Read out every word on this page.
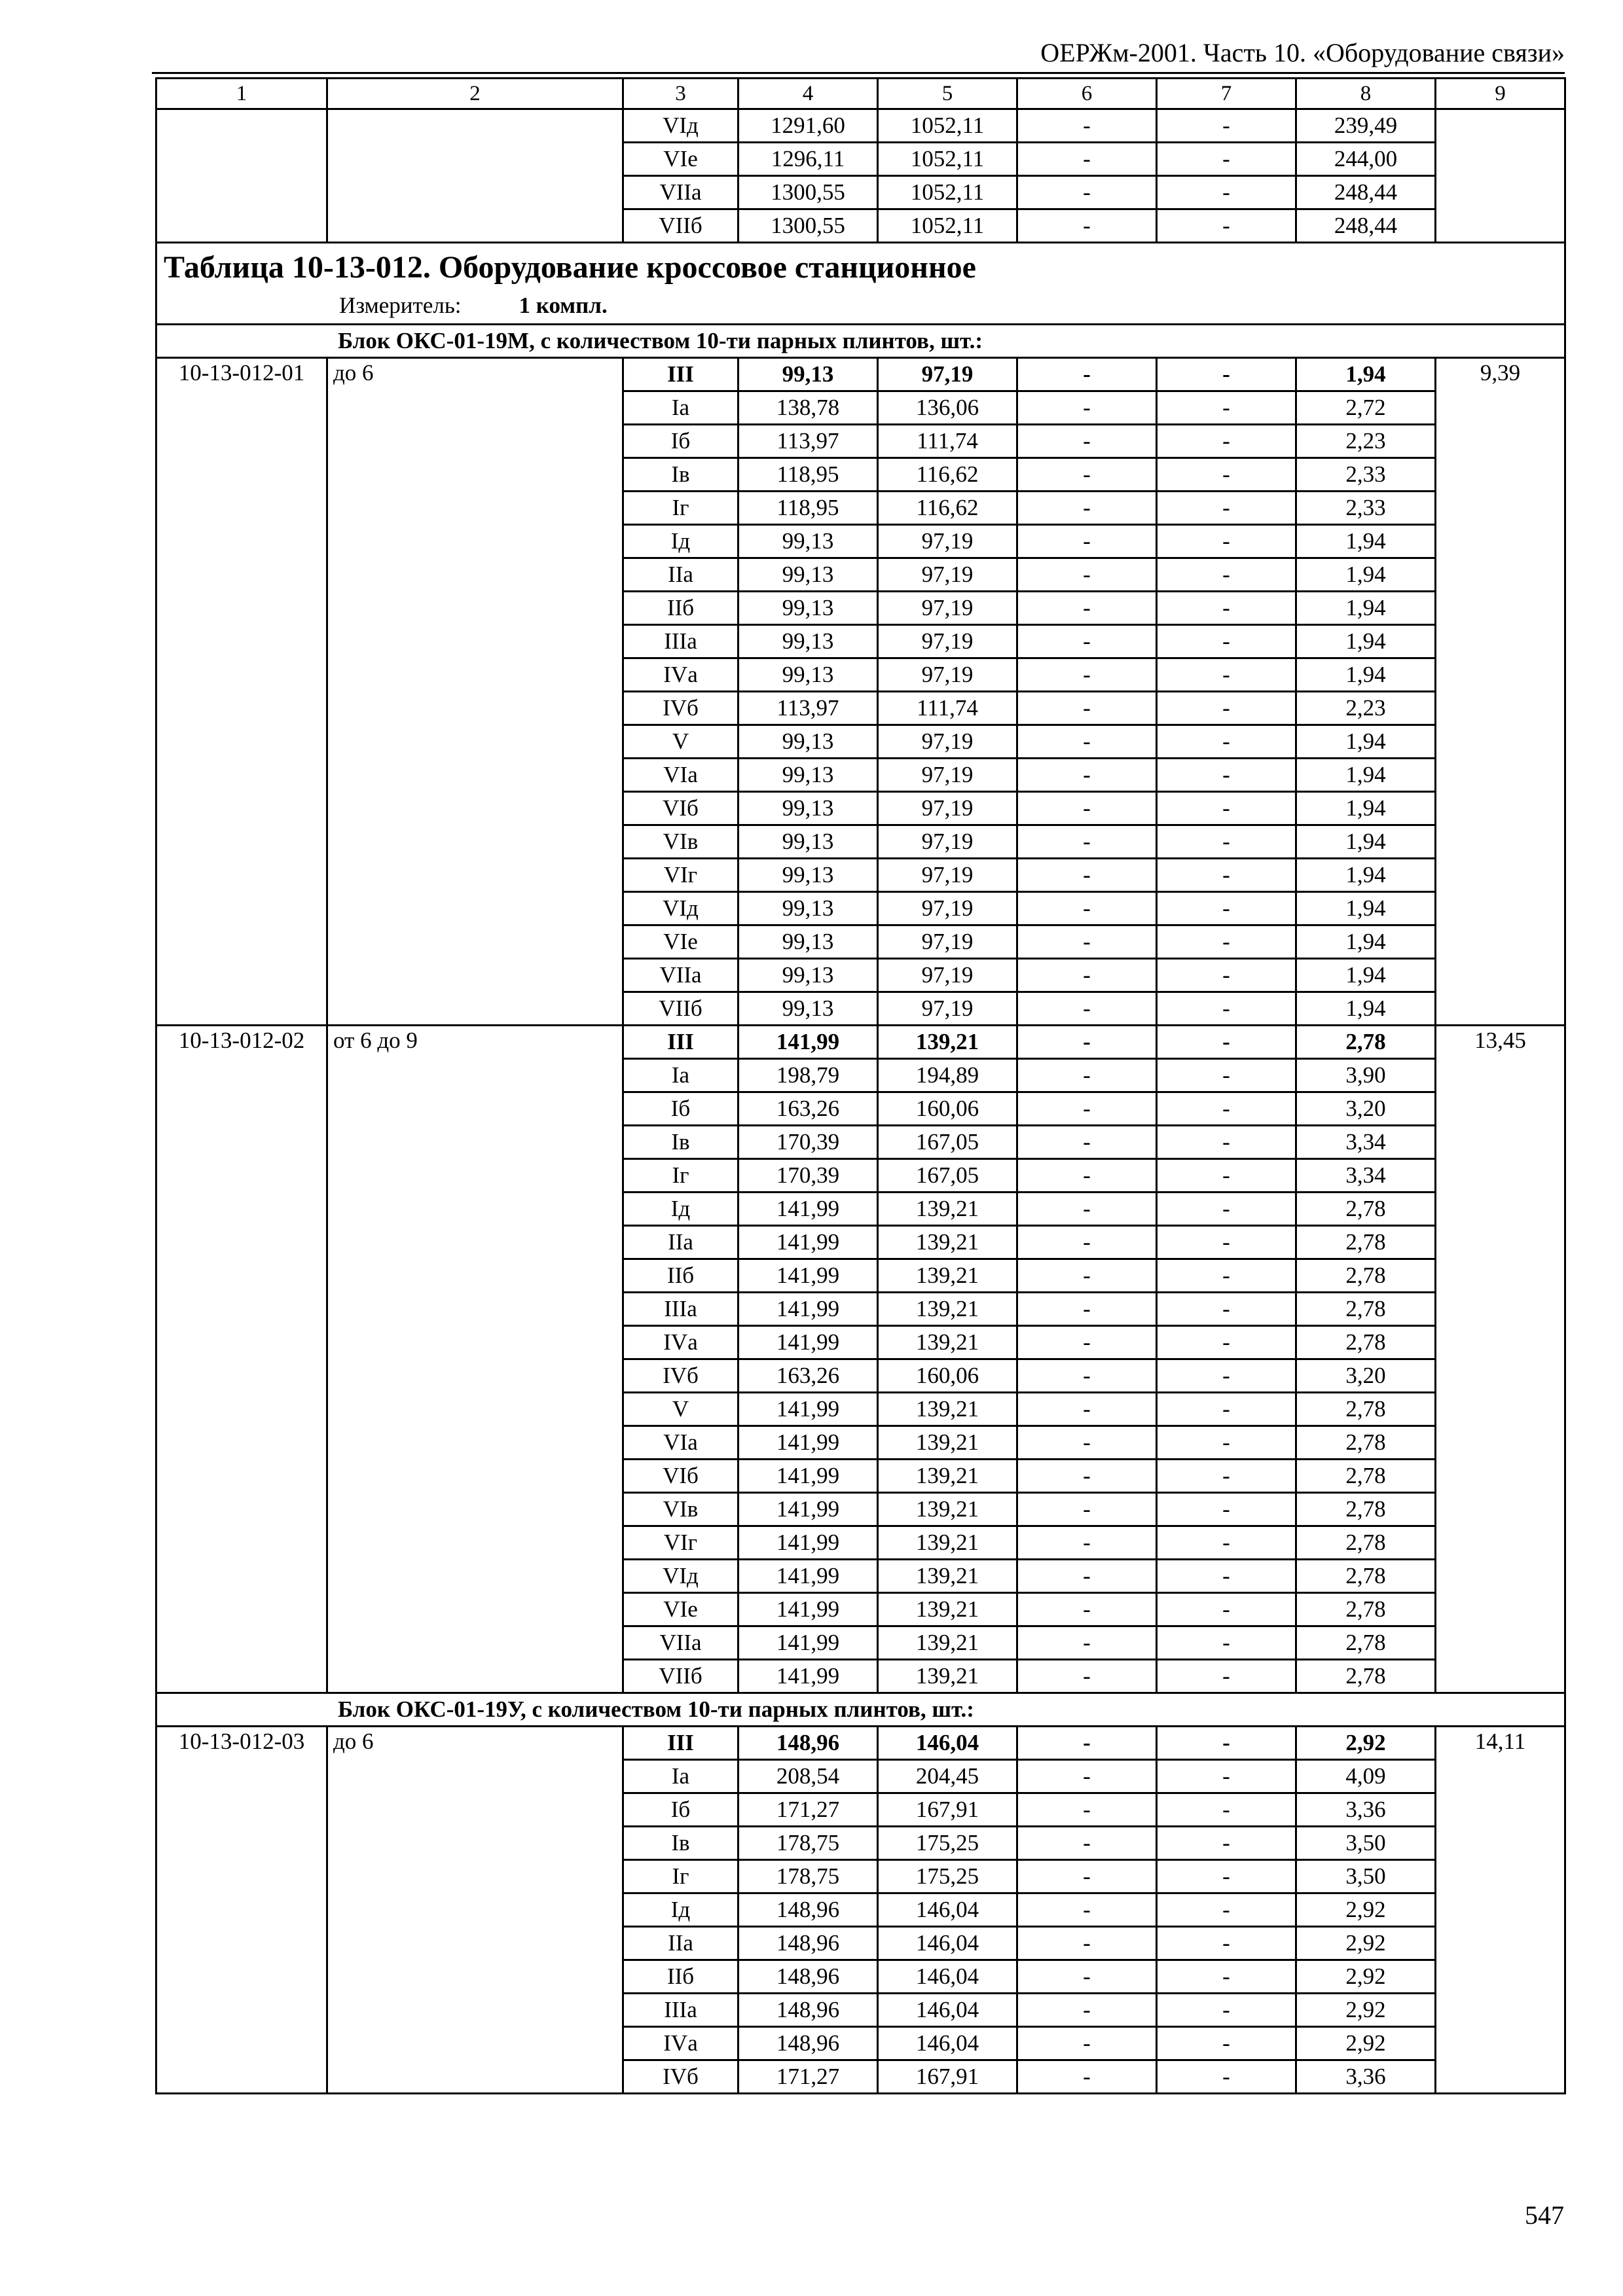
ОЕРЖм-2001. Часть 10. «Оборудование связи»
1	2	3	4	5	6	7	8	9
		VIд	1291,60	1052,11	-	-	239,49	
		VIе	1296,11	1052,11	-	-	244,00	
		VIIа	1300,55	1052,11	-	-	248,44	
		VIIб	1300,55	1052,11	-	-	248,44	
Таблица 10-13-012. Оборудование кроссовое станционное								

Измеритель: 1 компл.								

Блок ОКС-01-19М, с количеством 10-ти парных плинтов, шт.:								
10-13-012-01	до 6	III	99,13	97,19	-	-	1,94	9,39
		Iа	138,78	136,06	-	-	2,72	
		Iб	113,97	111,74	-	-	2,23	
		Iв	118,95	116,62	-	-	2,33	
		Iг	118,95	116,62	-	-	2,33	
		Iд	99,13	97,19	-	-	1,94	
		IIа	99,13	97,19	-	-	1,94	
		IIб	99,13	97,19	-	-	1,94	
		IIIа	99,13	97,19	-	-	1,94	
		IVа	99,13	97,19	-	-	1,94	
		IVб	113,97	111,74	-	-	2,23	
		V	99,13	97,19	-	-	1,94	
		VIа	99,13	97,19	-	-	1,94	
		VIб	99,13	97,19	-	-	1,94	
		VIв	99,13	97,19	-	-	1,94	
		VIг	99,13	97,19	-	-	1,94	
		VIд	99,13	97,19	-	-	1,94	
		VIе	99,13	97,19	-	-	1,94	
		VIIа	99,13	97,19	-	-	1,94	
		VIIб	99,13	97,19	-	-	1,94	
10-13-012-02	от 6 до 9	III	141,99	139,21	-	-	2,78	13,45
		Iа	198,79	194,89	-	-	3,90	
		Iб	163,26	160,06	-	-	3,20	
		Iв	170,39	167,05	-	-	3,34	
		Iг	170,39	167,05	-	-	3,34	
		Iд	141,99	139,21	-	-	2,78	
		IIа	141,99	139,21	-	-	2,78	
		IIб	141,99	139,21	-	-	2,78	
		IIIа	141,99	139,21	-	-	2,78	
		IVа	141,99	139,21	-	-	2,78	
		IVб	163,26	160,06	-	-	3,20	
		V	141,99	139,21	-	-	2,78	
		VIа	141,99	139,21	-	-	2,78	
		VIб	141,99	139,21	-	-	2,78	
		VIв	141,99	139,21	-	-	2,78	
		VIг	141,99	139,21	-	-	2,78	
		VIд	141,99	139,21	-	-	2,78	
		VIе	141,99	139,21	-	-	2,78	
		VIIа	141,99	139,21	-	-	2,78	
		VIIб	141,99	139,21	-	-	2,78	
Блок ОКС-01-19У, с количеством 10-ти парных плинтов, шт.:								
10-13-012-03	до 6	III	148,96	146,04	-	-	2,92	14,11
		Iа	208,54	204,45	-	-	4,09	
		Iб	171,27	167,91	-	-	3,36	
		Iв	178,75	175,25	-	-	3,50	
		Iг	178,75	175,25	-	-	3,50	
		Iд	148,96	146,04	-	-	2,92	
		IIа	148,96	146,04	-	-	2,92	
		IIб	148,96	146,04	-	-	2,92	
		IIIа	148,96	146,04	-	-	2,92	
		IVа	148,96	146,04	-	-	2,92	
		IVб	171,27	167,91	-	-	3,36	
547
